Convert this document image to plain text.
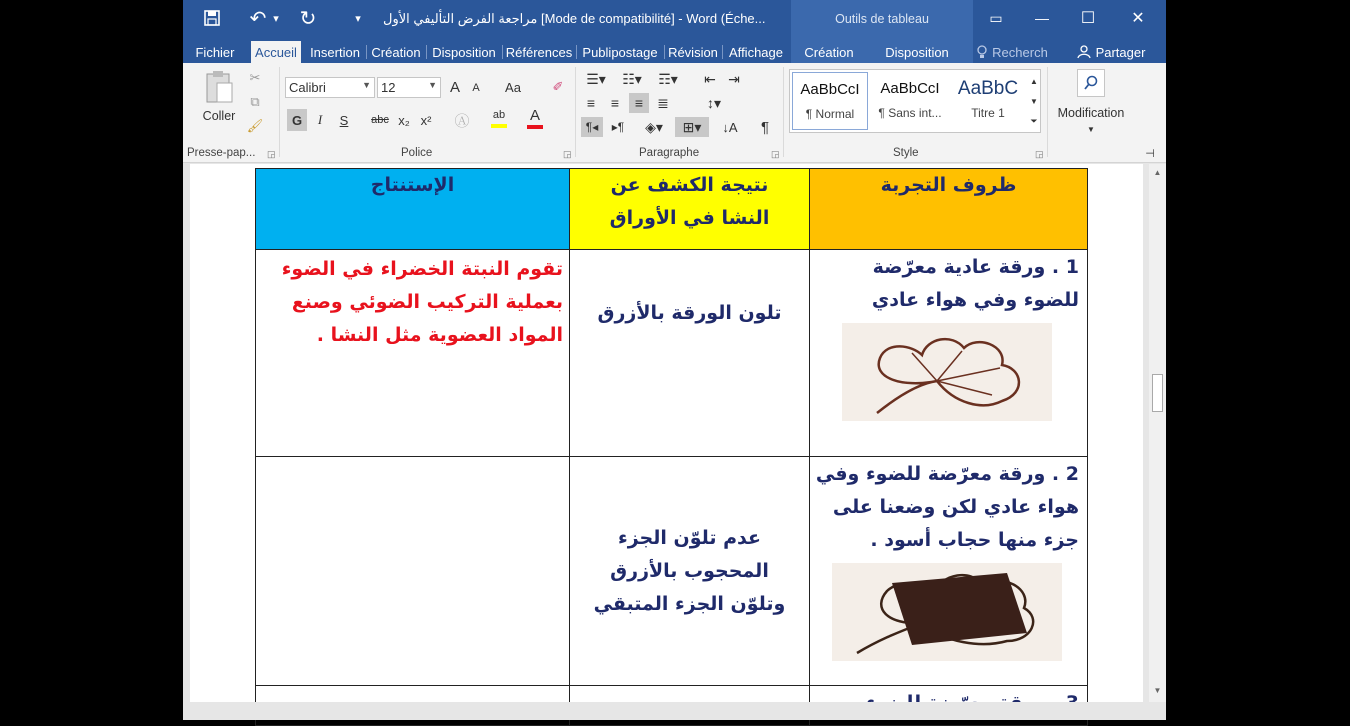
↶ ▾ ↻	▾	مراجعة الفرض التأليفي الأول [Mode de compatibilité] - Word (Éche...	Outils de tableau	▭	—	☐	✕
Fichier	Accueil	Insertion Création Disposition Références Publipostage Révision Affichage	Création	Disposition	Recherch	Partager
Coller
✂
⧉
🖌
Presse-pap... ◲
Calibri	▼ 12	▼ A	A	Aa	✐
G	I	S	abc x₂ x² Ⓐ	ab A
Police	◲
☰▾	☷▾	☶▾	⇤ ⇥
≡	≡	≡	≣	↕▾
¶◂	▸¶	◈▾	⊞▾	↓A	¶
Paragraphe	◲
AaBbCcI
¶ Normal
AaBbCcI
¶ Sans int...
AaBbC
Titre 1
▲
▼
⏷
Style	◲
Modification
▼
⊣
الإستنتاج	نتيجة الكشف عن النشا في الأوراق	ظروف التجربة
تقوم النبتة الخضراء في الضوء بعملية التركيب الضوئي وصنع المواد العضوية مثل النشا .	تلون الورقة بالأزرق	1 . ورقة عادية معرّضة للضوء وفي هواء عادي

	عدم تلوّن الجزء المحجوب بالأزرق وتلوّن الجزء المتبقي	2 . ورقة معرّضة للضوء وفي هواء عادي لكن وضعنا على جزء منها حجاب أسود .

▲
▼
